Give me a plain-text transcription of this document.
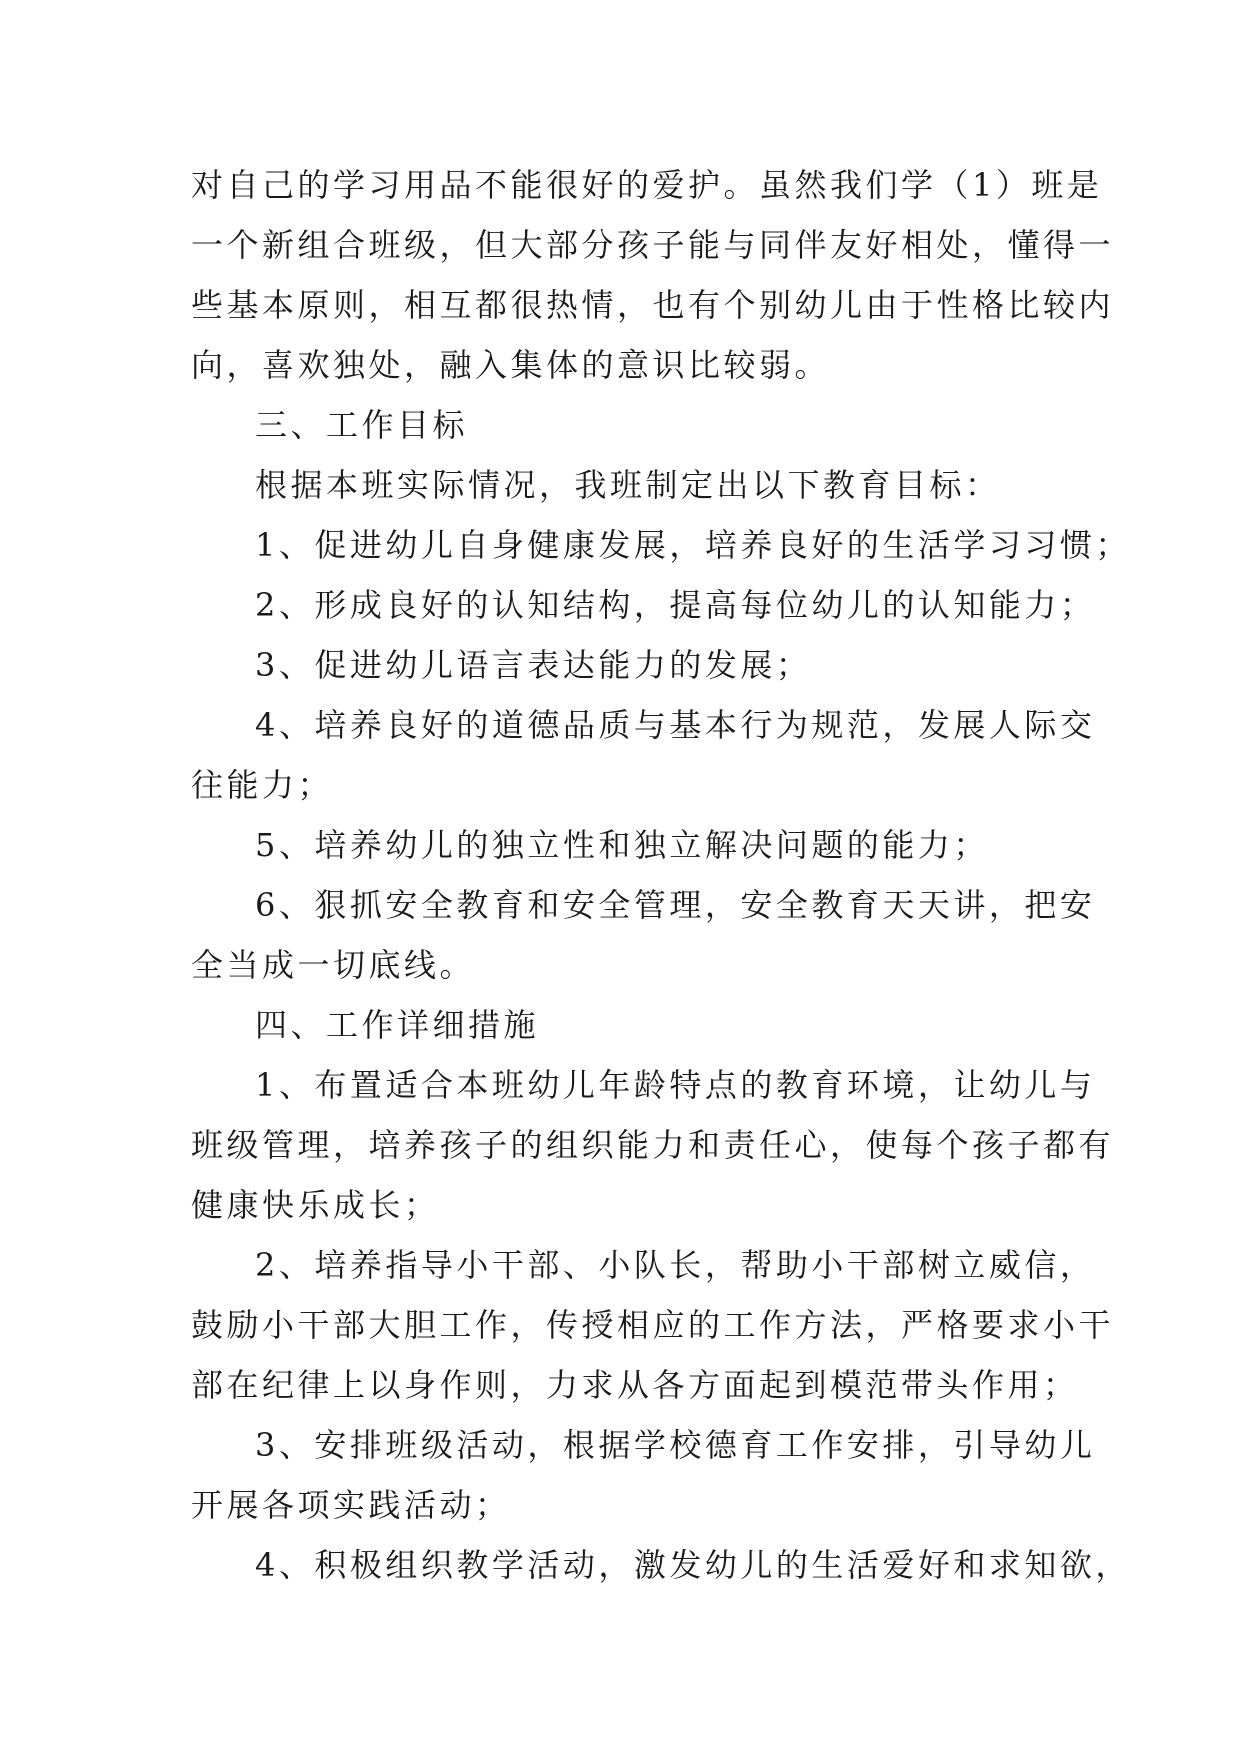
对自己的学习用品不能很好的爱护。虽然我们学（1）班是
一个新组合班级，但大部分孩子能与同伴友好相处，懂得一
些基本原则，相互都很热情，也有个别幼儿由于性格比较内
向，喜欢独处，融入集体的意识比较弱。
三、工作目标
根据本班实际情况，我班制定出以下教育目标：
1、促进幼儿自身健康发展，培养良好的生活学习习惯；
2、形成良好的认知结构，提高每位幼儿的认知能力；
3、促进幼儿语言表达能力的发展；
4、培养良好的道德品质与基本行为规范，发展人际交
往能力；
5、培养幼儿的独立性和独立解决问题的能力；
6、狠抓安全教育和安全管理，安全教育天天讲，把安
全当成一切底线。
四、工作详细措施
1、布置适合本班幼儿年龄特点的教育环境，让幼儿与
班级管理，培养孩子的组织能力和责任心，使每个孩子都有
健康快乐成长；
2、培养指导小干部、小队长，帮助小干部树立威信，
鼓励小干部大胆工作，传授相应的工作方法，严格要求小干
部在纪律上以身作则，力求从各方面起到模范带头作用；
3、安排班级活动，根据学校德育工作安排，引导幼儿
开展各项实践活动；
4、积极组织教学活动，激发幼儿的生活爱好和求知欲，
